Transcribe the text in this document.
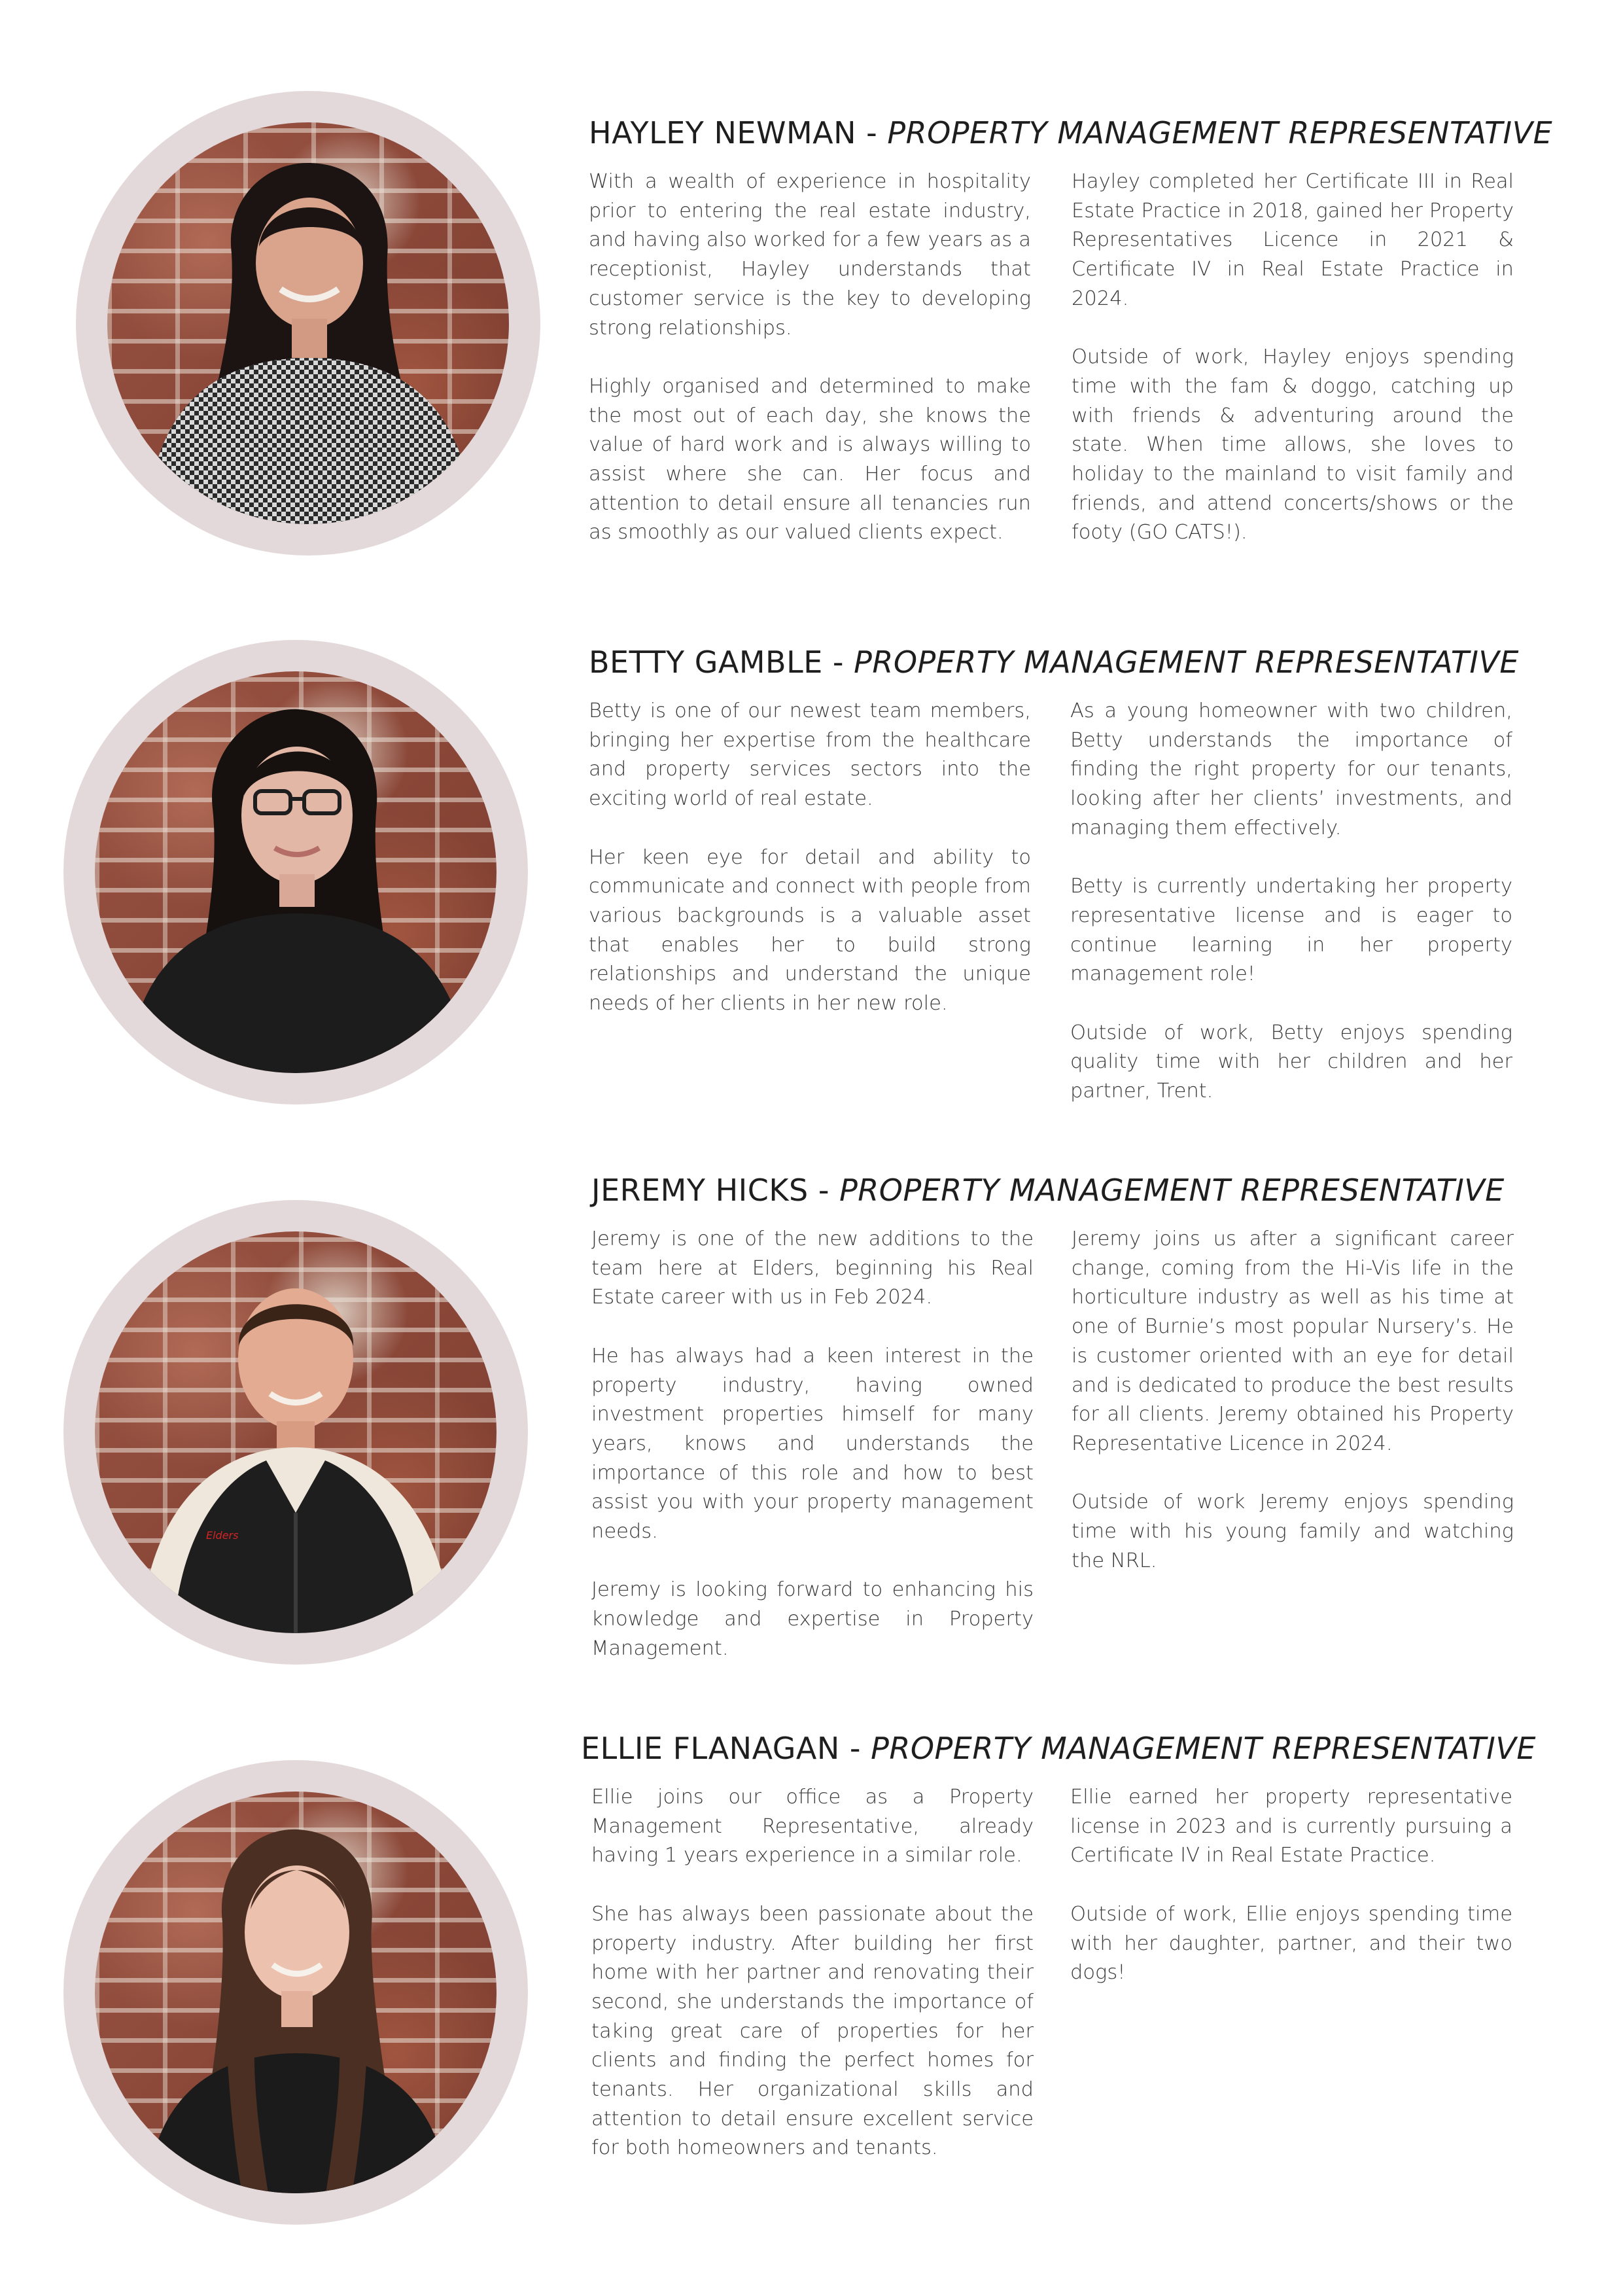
HAYLEY NEWMAN - PROPERTY MANAGEMENT REPRESENTATIVE

With a wealth of experience in hospitality prior to entering the real estate industry, and having also worked for a few years as a receptionist, Hayley understands that customer service is the key to developing strong relationships.

Highly organised and determined to make the most out of each day, she knows the value of hard work and is always willing to assist where she can. Her focus and attention to detail ensure all tenancies run as smoothly as our valued clients expect.

Hayley completed her Certificate III in Real Estate Practice in 2018, gained her Property Representatives Licence in 2021 & Certificate IV in Real Estate Practice in 2024.

Outside of work, Hayley enjoys spending time with the fam & doggo, catching up with friends & adventuring around the state. When time allows, she loves to holiday to the mainland to visit family and friends, and attend concerts/shows or the footy (GO CATS!).

BETTY GAMBLE - PROPERTY MANAGEMENT REPRESENTATIVE

Betty is one of our newest team members, bringing her expertise from the healthcare and property services sectors into the exciting world of real estate.

Her keen eye for detail and ability to communicate and connect with people from various backgrounds is a valuable asset that enables her to build strong relationships and understand the unique needs of her clients in her new role.

As a young homeowner with two children, Betty understands the importance of finding the right property for our tenants, looking after her clients’ investments, and managing them effectively.

Betty is currently undertaking her property representative license and is eager to continue learning in her property management role!

Outside of work, Betty enjoys spending quality time with her children and her partner, Trent.

Elders
JEREMY HICKS - PROPERTY MANAGEMENT REPRESENTATIVE

Jeremy is one of the new additions to the team here at Elders, beginning his Real Estate career with us in Feb 2024.

He has always had a keen interest in the property industry, having owned investment properties himself for many years, knows and understands the importance of this role and how to best assist you with your property management needs.

Jeremy is looking forward to enhancing his knowledge and expertise in Property Management.

Jeremy joins us after a significant career change, coming from the Hi-Vis life in the horticulture industry as well as his time at one of Burnie’s most popular Nursery’s. He is customer oriented with an eye for detail and is dedicated to produce the best results for all clients. Jeremy obtained his Property Representative Licence in 2024.

Outside of work Jeremy enjoys spending time with his young family and watching the NRL.

ELLIE FLANAGAN - PROPERTY MANAGEMENT REPRESENTATIVE

Ellie joins our office as a Property Management Representative, already having 1 years experience in a similar role.

She has always been passionate about the property industry. After building her first home with her partner and renovating their second, she understands the importance of taking great care of properties for her clients and finding the perfect homes for tenants. Her organizational skills and attention to detail ensure excellent service for both homeowners and tenants.

Ellie earned her property representative license in 2023 and is currently pursuing a Certificate IV in Real Estate Practice.

Outside of work, Ellie enjoys spending time with her daughter, partner, and their two dogs!
